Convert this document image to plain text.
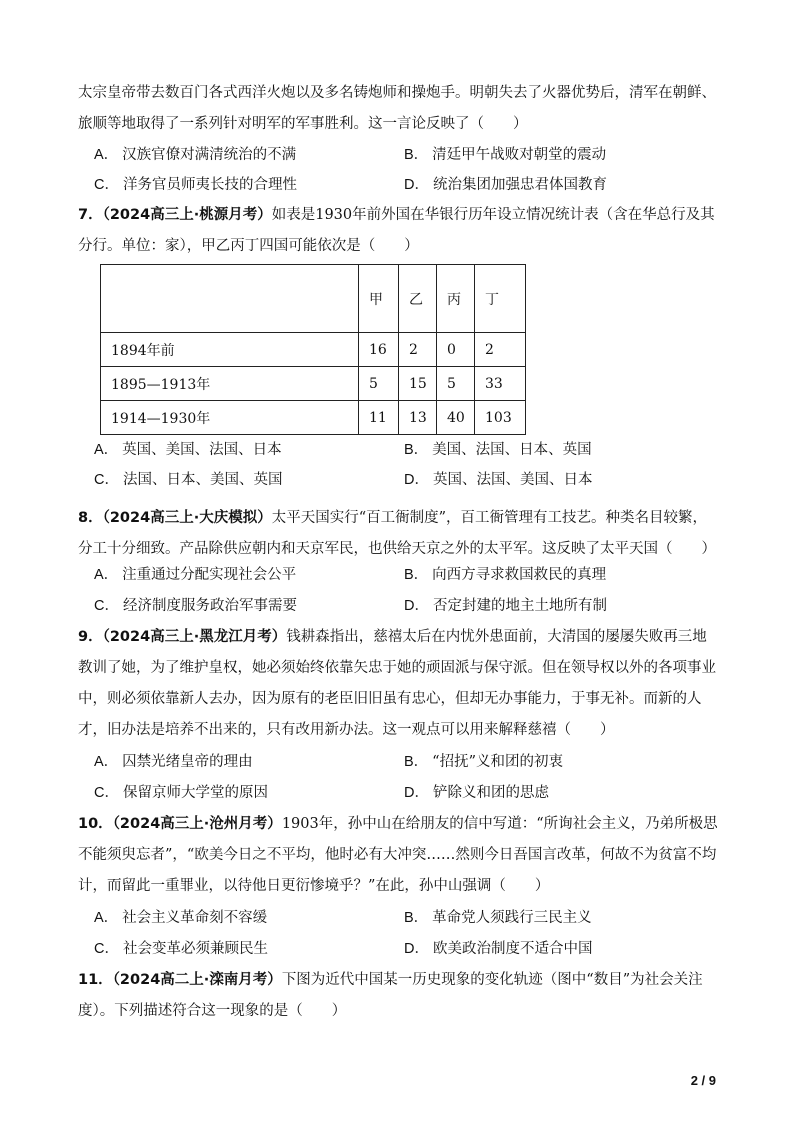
太宗皇帝带去数百门各式西洋火炮以及多名铸炮师和操炮手。明朝失去了火器优势后，清军在朝鲜、旅顺等地取得了一系列针对明军的军事胜利。这一言论反映了（　　）

A． 汉族官僚对满清统治的不满	B． 清廷甲午战败对朝堂的震动
C． 洋务官员师夷长技的合理性	D． 统治集团加强忠君体国教育

7．（2024高三上·桃源月考）如表是1930年前外国在华银行历年设立情况统计表（含在华总行及其分行。单位：家），甲乙丙丁四国可能依次是（　　）

	甲	乙	丙	丁
1894年前	16	2	0	2
1895—1913年	5	15	5	33
1914—1930年	11	13	40	103
A． 英国、美国、法国、日本	B． 美国、法国、日本、英国
C． 法国、日本、美国、英国	D． 英国、法国、美国、日本

8．（2024高三上·大庆模拟）太平天国实行“百工衙制度”，百工衙管理有工技艺。种类名目较繁，分工十分细致。产品除供应朝内和天京军民，也供给天京之外的太平军。这反映了太平天国（　　）

A． 注重通过分配实现社会公平	B． 向西方寻求救国救民的真理
C． 经济制度服务政治军事需要	D． 否定封建的地主土地所有制

9．（2024高三上·黑龙江月考）钱耕森指出，慈禧太后在内忧外患面前，大清国的屡屡失败再三地教训了她，为了维护皇权，她必须始终依靠矢忠于她的顽固派与保守派。但在领导权以外的各项事业中，则必须依靠新人去办，因为原有的老臣旧旧虽有忠心，但却无办事能力，于事无补。而新的人才，旧办法是培养不出来的，只有改用新办法。这一观点可以用来解释慈禧（　　）

A． 囚禁光绪皇帝的理由	B． “招抚”义和团的初衷
C． 保留京师大学堂的原因	D． 铲除义和团的思虑

10．（2024高三上·沧州月考）1903年，孙中山在给朋友的信中写道：“所询社会主义，乃弟所极思不能须臾忘者”，“欧美今日之不平均，他时必有大冲突……然则今日吾国言改革，何故不为贫富不均计，而留此一重罪业，以待他日更衍惨境乎？”在此，孙中山强调（　　）

A． 社会主义革命刻不容缓	B． 革命党人须践行三民主义
C． 社会变革必须兼顾民生	D． 欧美政治制度不适合中国

11．（2024高二上·滦南月考）下图为近代中国某一历史现象的变化轨迹（图中“数目”为社会关注度）。下列描述符合这一现象的是（　　）

2 / 9
